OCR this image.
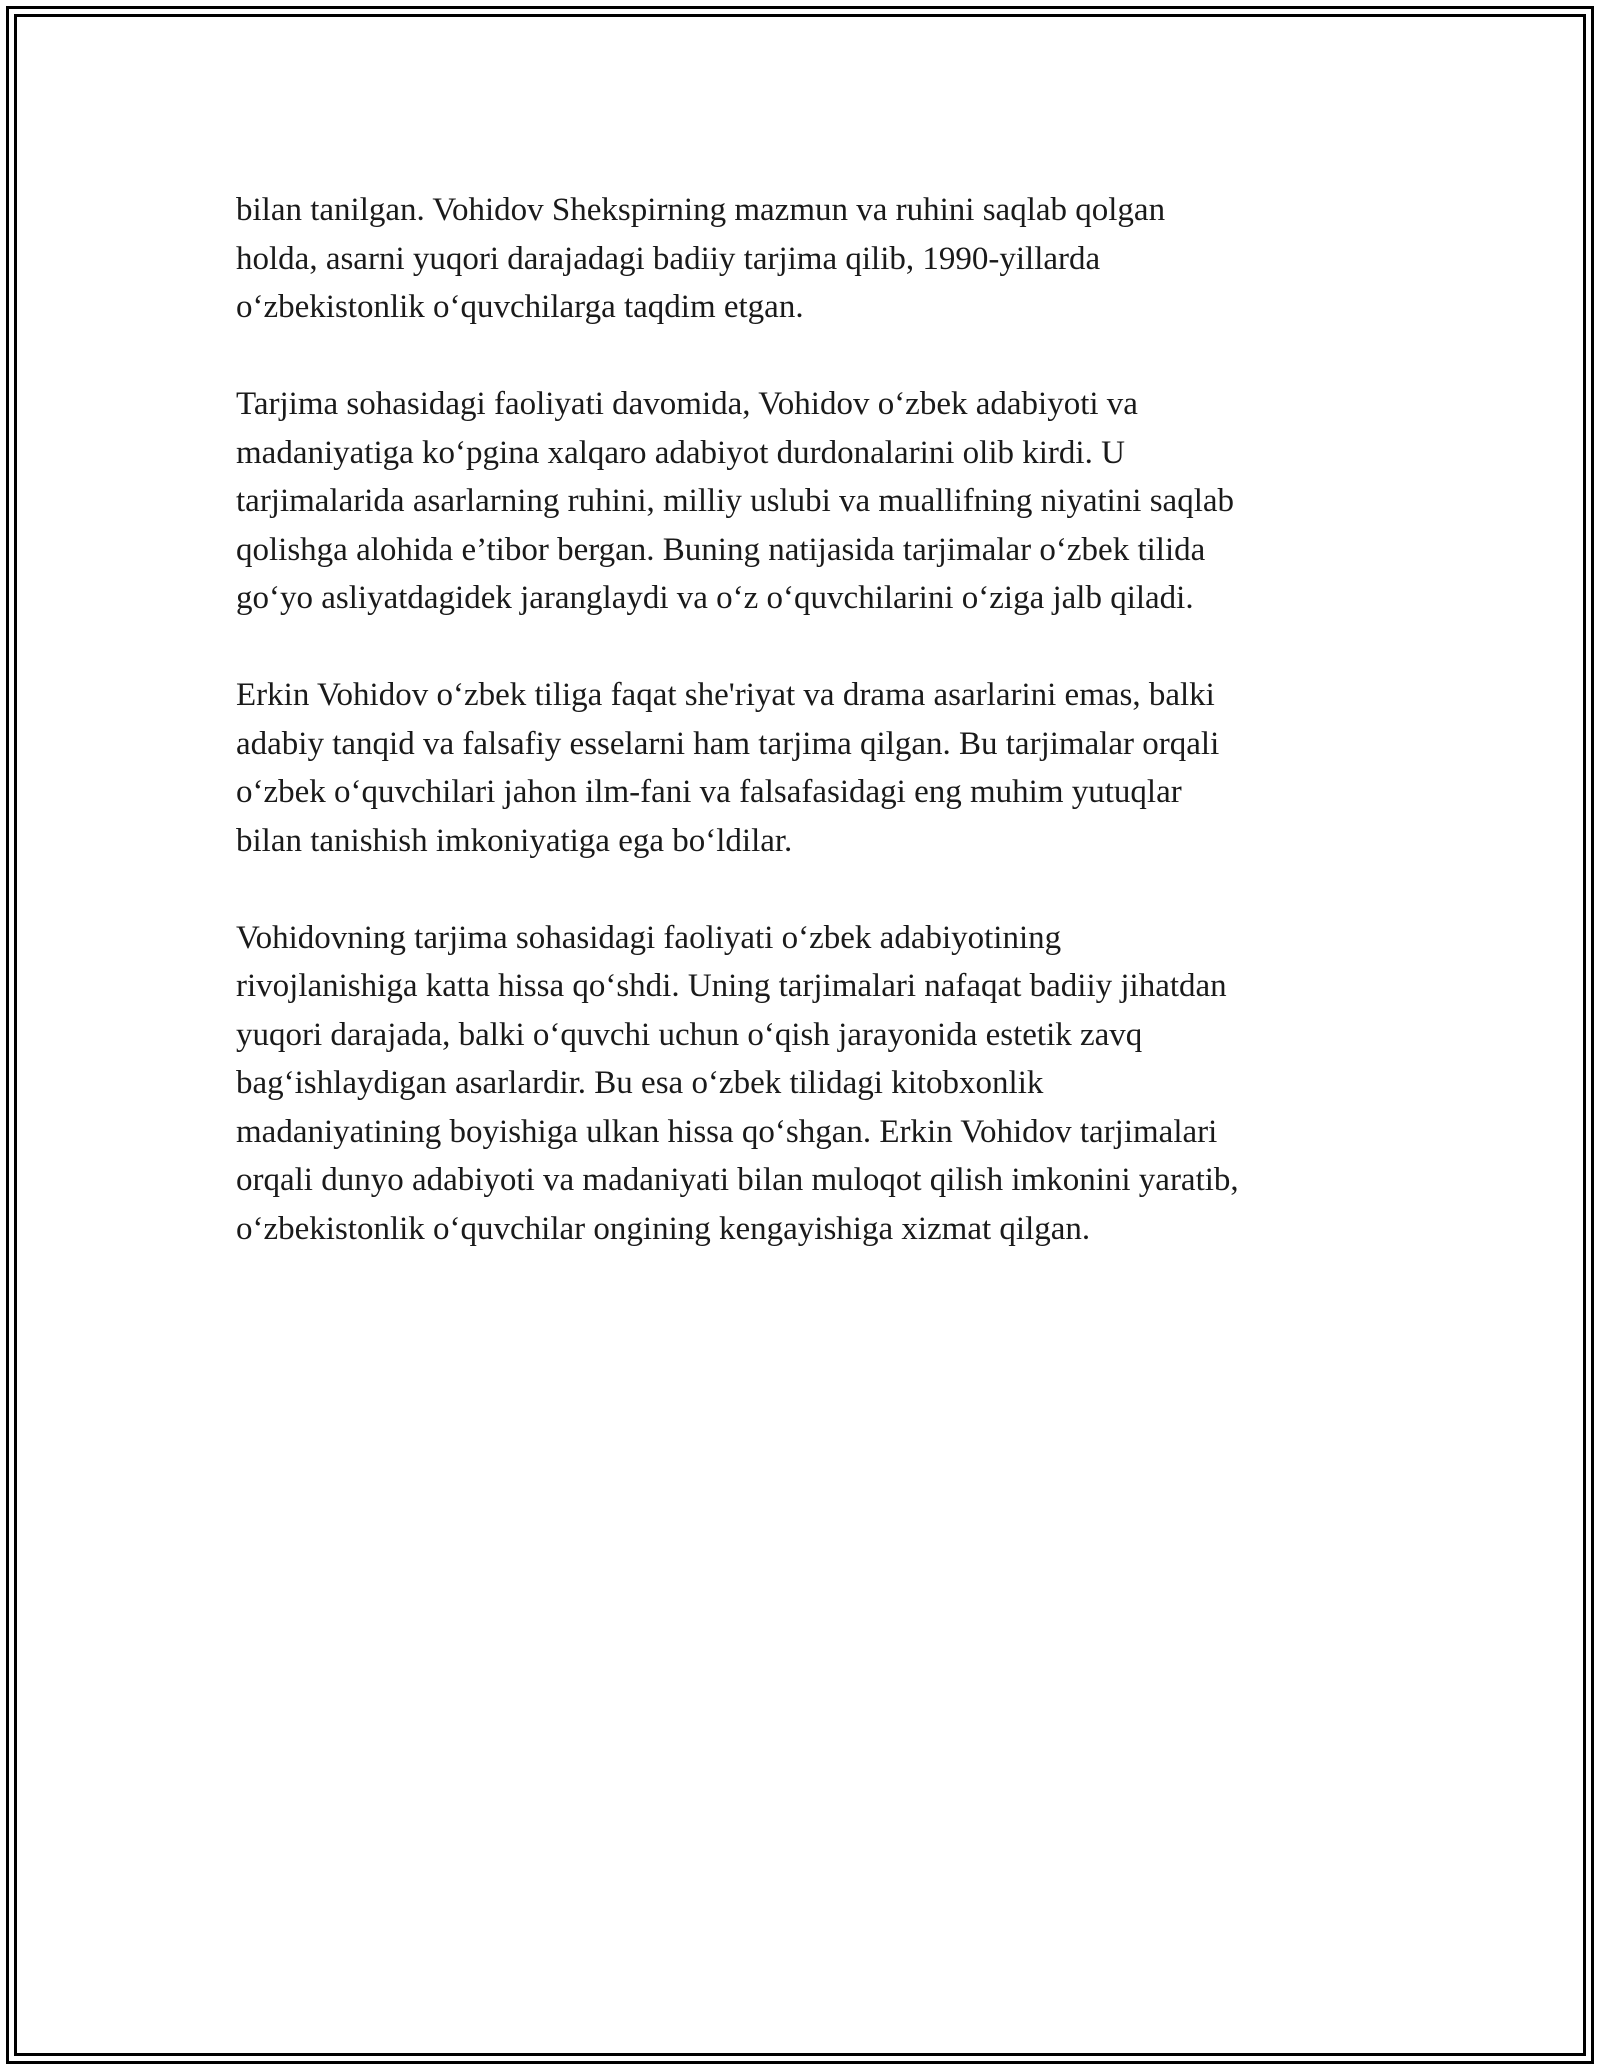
bilan tanilgan. Vohidov Shekspirning mazmun va ruhini saqlab qolgan
holda, asarni yuqori darajadagi badiiy tarjima qilib, 1990-yillarda
o‘zbekistonlik o‘quvchilarga taqdim etgan.

Tarjima sohasidagi faoliyati davomida, Vohidov o‘zbek adabiyoti va
madaniyatiga ko‘pgina xalqaro adabiyot durdonalarini olib kirdi. U
tarjimalarida asarlarning ruhini, milliy uslubi va muallifning niyatini saqlab
qolishga alohida e’tibor bergan. Buning natijasida tarjimalar o‘zbek tilida
go‘yo asliyatdagidek jaranglaydi va o‘z o‘quvchilarini o‘ziga jalb qiladi.

Erkin Vohidov o‘zbek tiliga faqat she'riyat va drama asarlarini emas, balki
adabiy tanqid va falsafiy esselarni ham tarjima qilgan. Bu tarjimalar orqali
o‘zbek o‘quvchilari jahon ilm-fani va falsafasidagi eng muhim yutuqlar
bilan tanishish imkoniyatiga ega bo‘ldilar.

Vohidovning tarjima sohasidagi faoliyati o‘zbek adabiyotining
rivojlanishiga katta hissa qo‘shdi. Uning tarjimalari nafaqat badiiy jihatdan
yuqori darajada, balki o‘quvchi uchun o‘qish jarayonida estetik zavq
bag‘ishlaydigan asarlardir. Bu esa o‘zbek tilidagi kitobxonlik
madaniyatining boyishiga ulkan hissa qo‘shgan. Erkin Vohidov tarjimalari
orqali dunyo adabiyoti va madaniyati bilan muloqot qilish imkonini yaratib,
o‘zbekistonlik o‘quvchilar ongining kengayishiga xizmat qilgan.
